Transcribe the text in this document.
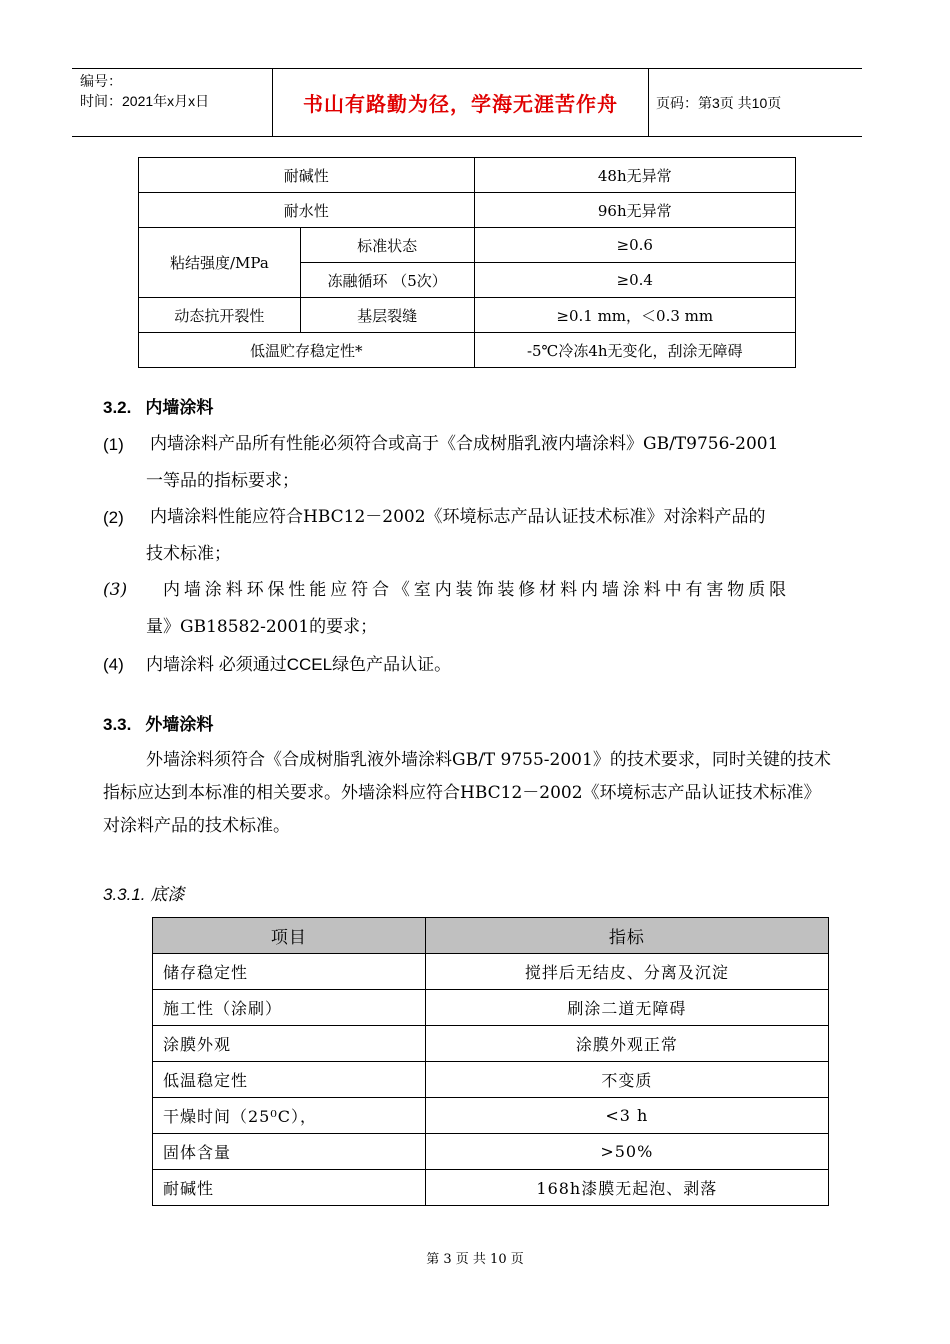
编号：
时间：2021年x月x日	书山有路勤为径，学海无涯苦作舟	页码：第3页 共10页
耐碱性		48h无异常
耐水性		96h无异常
粘结强度/MPa	标准状态	≥0.6
	冻融循环 （5次）	≥0.4
动态抗开裂性	基层裂缝	≥0.1 mm，＜0.3 mm
低温贮存稳定性*		-5℃冷冻4h无变化，刮涂无障碍
3.2. 内墙涂料
(1) 内墙涂料产品所有性能必须符合或高于《合成树脂乳液内墙涂料》GB/T9756-2001
一等品的指标要求；
(2) 内墙涂料性能应符合HBC12－2002《环境标志产品认证技术标准》对涂料产品的
技术标准；
(3) 内墙涂料环保性能应符合《室内装饰装修材料内墙涂料中有害物质限
量》GB18582-2001的要求；
(4) 内墙涂料 必须通过CCEL绿色产品认证。
3.3. 外墙涂料
外墙涂料须符合《合成树脂乳液外墙涂料GB/T 9755-2001》的技术要求，同时关键的技术指标应达到本标准的相关要求。外墙涂料应符合HBC12－2002《环境标志产品认证技术标准》对涂料产品的技术标准。
3.3.1. 底漆
项目	指标
储存稳定性	搅拌后无结皮、分离及沉淀
施工性（涂刷）	刷涂二道无障碍
涂膜外观	涂膜外观正常
低温稳定性	不变质
干燥时间（25⁰C），	<3 h
固体含量	>50%
耐碱性	168h漆膜无起泡、剥落
第 3 页 共 10 页
